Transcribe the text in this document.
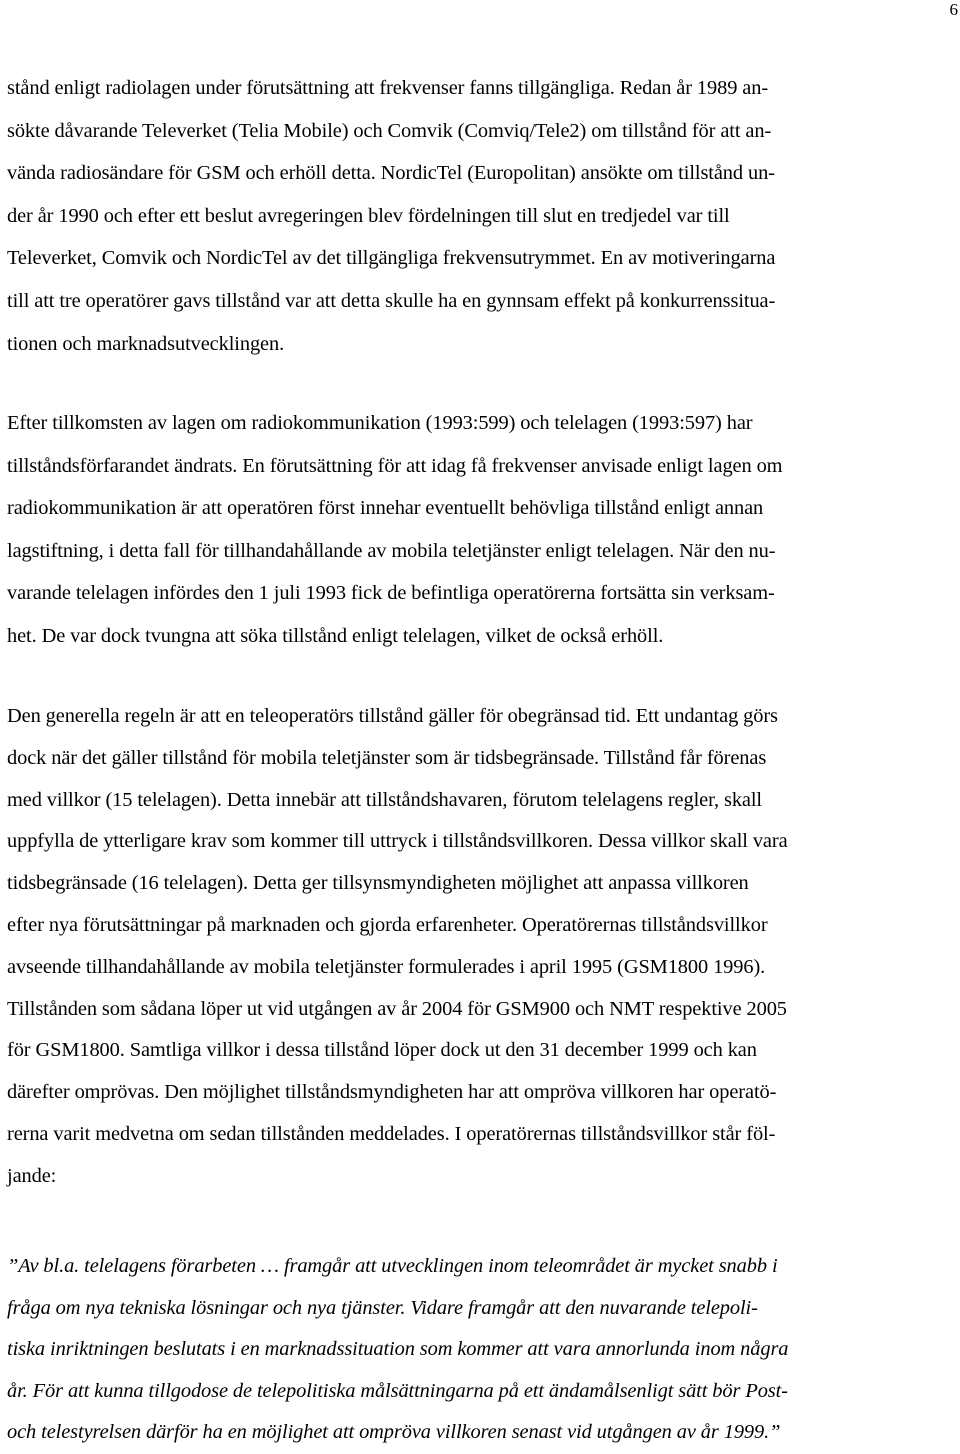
6
stånd enligt radiolagen under förutsättning att frekvenser fanns tillgängliga. Redan år 1989 an-
sökte dåvarande Televerket (Telia Mobile) och Comvik (Comviq/Tele2) om tillstånd för att an-
vända radiosändare för GSM och erhöll detta. NordicTel (Europolitan) ansökte om tillstånd un-
der år 1990 och efter ett beslut avregeringen blev fördelningen till slut en tredjedel var till
Televerket, Comvik och NordicTel av det tillgängliga frekvensutrymmet. En av motiveringarna
till att tre operatörer gavs tillstånd var att detta skulle ha en gynnsam effekt på konkurrenssitua-
tionen och marknadsutvecklingen.
Efter tillkomsten av lagen om radiokommunikation (1993:599) och telelagen (1993:597) har
tillståndsförfarandet ändrats. En förutsättning för att idag få frekvenser anvisade enligt lagen om
radiokommunikation är att operatören först innehar eventuellt behövliga tillstånd enligt annan
lagstiftning, i detta fall för tillhandahållande av mobila teletjänster enligt telelagen. När den nu-
varande telelagen infördes den 1 juli 1993 fick de befintliga operatörerna fortsätta sin verksam-
het. De var dock tvungna att söka tillstånd enligt telelagen, vilket de också erhöll.
Den generella regeln är att en teleoperatörs tillstånd gäller för obegränsad tid. Ett undantag görs
dock när det gäller tillstånd för mobila teletjänster som är tidsbegränsade. Tillstånd får förenas
med villkor (15 telelagen). Detta innebär att tillståndshavaren, förutom telelagens regler, skall
uppfylla de ytterligare krav som kommer till uttryck i tillståndsvillkoren. Dessa villkor skall vara
tidsbegränsade (16 telelagen). Detta ger tillsynsmyndigheten möjlighet att anpassa villkoren
efter nya förutsättningar på marknaden och gjorda erfarenheter. Operatörernas tillståndsvillkor
avseende tillhandahållande av mobila teletjänster formulerades i april 1995 (GSM1800 1996).
Tillstånden som sådana löper ut vid utgången av år 2004 för GSM900 och NMT respektive 2005
för GSM1800. Samtliga villkor i dessa tillstånd löper dock ut den 31 december 1999 och kan
därefter omprövas. Den möjlighet tillståndsmyndigheten har att ompröva villkoren har operatö-
rerna varit medvetna om sedan tillstånden meddelades. I operatörernas tillståndsvillkor står föl-
jande:
”Av bl.a. telelagens förarbeten … framgår att utvecklingen inom teleområdet är mycket snabb i
fråga om nya tekniska lösningar och nya tjänster. Vidare framgår att den nuvarande telepoli-
tiska inriktningen beslutats i en marknadssituation som kommer att vara annorlunda inom några
år. För att kunna tillgodose de telepolitiska målsättningarna på ett ändamålsenligt sätt bör Post-
och telestyrelsen därför ha en möjlighet att ompröva villkoren senast vid utgången av år 1999.”
